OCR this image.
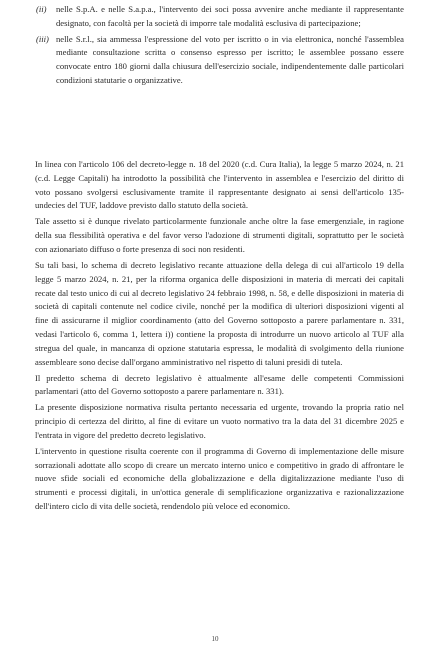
(ii) nelle S.p.A. e nelle S.a.p.a., l'intervento dei soci possa avvenire anche mediante il rappresentante designato, con facoltà per la società di imporre tale modalità esclusiva di partecipazione;
(iii) nelle S.r.l., sia ammessa l'espressione del voto per iscritto o in via elettronica, nonché l'assemblea mediante consultazione scritta o consenso espresso per iscritto; le assemblee possano essere convocate entro 180 giorni dalla chiusura dell'esercizio sociale, indipendentemente dalle particolari condizioni statutarie o organizzative.

In linea con l'articolo 106 del decreto-legge n. 18 del 2020 (c.d. Cura Italia), la legge 5 marzo 2024, n. 21 (c.d. Legge Capitali) ha introdotto la possibilità che l'intervento in assemblea e l'esercizio del diritto di voto possano svolgersi esclusivamente tramite il rappresentante designato ai sensi dell'articolo 135-undecies del TUF, laddove previsto dallo statuto della società.

Tale assetto si è dunque rivelato particolarmente funzionale anche oltre la fase emergenziale, in ragione della sua flessibilità operativa e del favor verso l'adozione di strumenti digitali, soprattutto per le società con azionariato diffuso o forte presenza di soci non residenti.

Su tali basi, lo schema di decreto legislativo recante attuazione della delega di cui all'articolo 19 della legge 5 marzo 2024, n. 21, per la riforma organica delle disposizioni in materia di mercati dei capitali recate dal testo unico di cui al decreto legislativo 24 febbraio 1998, n. 58, e delle disposizioni in materia di società di capitali contenute nel codice civile, nonché per la modifica di ulteriori disposizioni vigenti al fine di assicurarne il miglior coordinamento (atto del Governo sottoposto a parere parlamentare n. 331, vedasi l'articolo 6, comma 1, lettera i)) contiene la proposta di introdurre un nuovo articolo al TUF alla stregua del quale, in mancanza di opzione statutaria espressa, le modalità di svolgimento della riunione assembleare sono decise dall'organo amministrativo nel rispetto di taluni presidi di tutela.

Il predetto schema di decreto legislativo è attualmente all'esame delle competenti Commissioni parlamentari (atto del Governo sottoposto a parere parlamentare n. 331).

La presente disposizione normativa risulta pertanto necessaria ed urgente, trovando la propria ratio nel principio di certezza del diritto, al fine di evitare un vuoto normativo tra la data del 31 dicembre 2025 e l'entrata in vigore del predetto decreto legislativo.

L'intervento in questione risulta coerente con il programma di Governo di implementazione delle misure sorrazionali adottate allo scopo di creare un mercato interno unico e competitivo in grado di affrontare le nuove sfide sociali ed economiche della globalizzazione e della digitalizzazione mediante l'uso di strumenti e processi digitali, in un'ottica generale di semplificazione organizzativa e razionalizzazione dell'intero ciclo di vita delle società, rendendolo più veloce ed economico.

10
